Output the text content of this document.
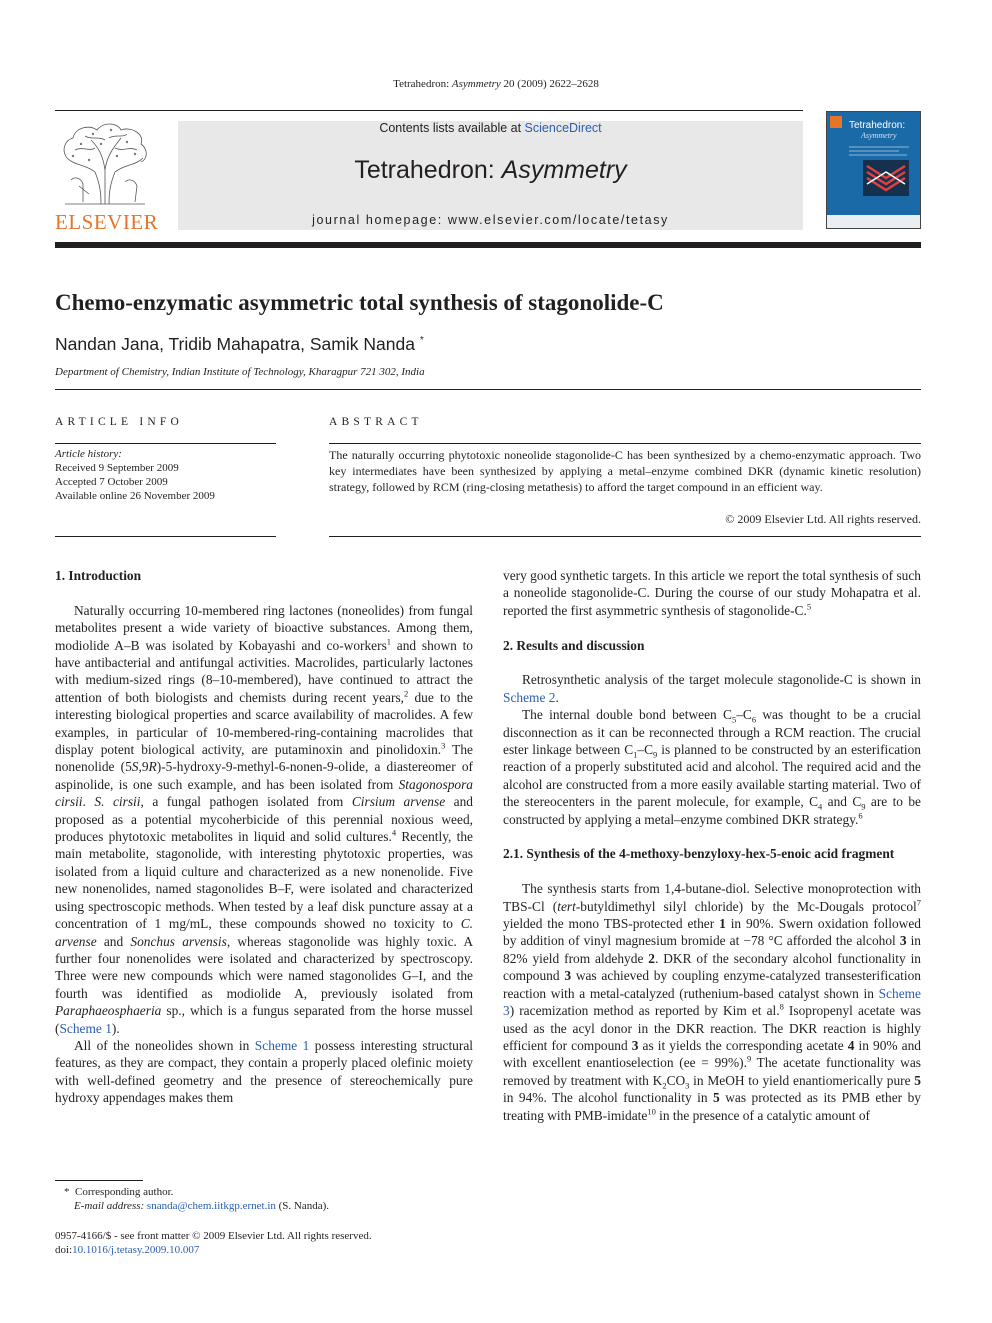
Tetrahedron: Asymmetry 20 (2009) 2622–2628
ELSEVIER
Contents lists available at ScienceDirect
Tetrahedron: Asymmetry
journal homepage: www.elsevier.com/locate/tetasy
Tetrahedron:
Asymmetry
Chemo-enzymatic asymmetric total synthesis of stagonolide-C
Nandan Jana, Tridib Mahapatra, Samik Nanda *
Department of Chemistry, Indian Institute of Technology, Kharagpur 721 302, India
ARTICLE INFO	ABSTRACT
Article history:
Received 9 September 2009
Accepted 7 October 2009
Available online 26 November 2009
The naturally occurring phytotoxic noneolide stagonolide-C has been synthesized by a chemo-enzymatic approach. Two key intermediates have been synthesized by applying a metal–enzyme combined DKR (dynamic kinetic resolution) strategy, followed by RCM (ring-closing metathesis) to afford the target compound in an efficient way.
© 2009 Elsevier Ltd. All rights reserved.
1. Introduction

Naturally occurring 10-membered ring lactones (noneolides) from fungal metabolites present a wide variety of bioactive substances. Among them, modiolide A–B was isolated by Kobayashi and co-workers$^1$ and shown to have antibacterial and antifungal activities. Macrolides, particularly lactones with medium-sized rings (8–10-membered), have continued to attract the attention of both biologists and chemists during recent years,$^2$ due to the interesting biological properties and scarce availability of macrolides. A few examples, in particular of 10-membered-ring-containing macrolides that display potent biological activity, are putaminoxin and pinolidoxin.$^3$ The nonenolide (5S,9R)-5-hydroxy-9-methyl-6-nonen-9-olide, a diastereomer of aspinolide, is one such example, and has been isolated from Stagonospora cirsii. S. cirsii, a fungal pathogen isolated from Cirsium arvense and proposed as a potential mycoherbicide of this perennial noxious weed, produces phytotoxic metabolites in liquid and solid cultures.$^4$ Recently, the main metabolite, stagonolide, with interesting phytotoxic properties, was isolated from a liquid culture and characterized as a new nonenolide. Five new nonenolides, named stagonolides B–F, were isolated and characterized using spectroscopic methods. When tested by a leaf disk puncture assay at a concentration of 1 mg/mL, these compounds showed no toxicity to C. arvense and Sonchus arvensis, whereas stagonolide was highly toxic. A further four nonenolides were isolated and characterized by spectroscopy. Three were new compounds which were named stagonolides G–I, and the fourth was identified as modiolide A, previously isolated from Paraphaeosphaeria sp., which is a fungus separated from the horse mussel (Scheme 1).

All of the noneolides shown in Scheme 1 possess interesting structural features, as they are compact, they contain a properly placed olefinic moiety with well-defined geometry and the presence of stereochemically pure hydroxy appendages makes them

very good synthetic targets. In this article we report the total synthesis of such a noneolide stagonolide-C. During the course of our study Mohapatra et al. reported the first asymmetric synthesis of stagonolide-C.$^5$

2. Results and discussion

Retrosynthetic analysis of the target molecule stagonolide-C is shown in Scheme 2.

The internal double bond between $C_5-C_6$ was thought to be a crucial disconnection as it can be reconnected through a RCM reaction. The crucial ester linkage between $C_1-C_9$ is planned to be constructed by an esterification reaction of a properly substituted acid and alcohol. The required acid and the alcohol are constructed from a more easily available starting material. Two of the stereocenters in the parent molecule, for example, $C_4$ and $C_9$ are to be constructed by applying a metal–enzyme combined DKR strategy.$^6$

2.1. Synthesis of the 4-methoxy-benzyloxy-hex-5-enoic acid fragment

The synthesis starts from 1,4-butane-diol. Selective monoprotection with TBS-Cl (tert-butyldimethyl silyl chloride) by the Mc-Dougals protocol$^7$ yielded the mono TBS-protected ether 1 in 90%. Swern oxidation followed by addition of vinyl magnesium bromide at −78 °C afforded the alcohol 3 in 82% yield from aldehyde 2. DKR of the secondary alcohol functionality in compound 3 was achieved by coupling enzyme-catalyzed transesterification reaction with a metal-catalyzed (ruthenium-based catalyst shown in Scheme 3) racemization method as reported by Kim et al.$^8$ Isopropenyl acetate was used as the acyl donor in the DKR reaction. The DKR reaction is highly efficient for compound 3 as it yields the corresponding acetate 4 in 90% and with excellent enantioselection (ee = 99%).$^9$ The acetate functionality was removed by treatment with $K_2CO_3$ in MeOH to yield enantiomerically pure 5 in 94%. The alcohol functionality in 5 was protected as its PMB ether by treating with PMB-imidate$^{10}$ in the presence of a catalytic amount of

*  Corresponding author.
E-mail address: snanda@chem.iitkgp.ernet.in (S. Nanda).
0957-4166/$ - see front matter © 2009 Elsevier Ltd. All rights reserved.
doi:10.1016/j.tetasy.2009.10.007
